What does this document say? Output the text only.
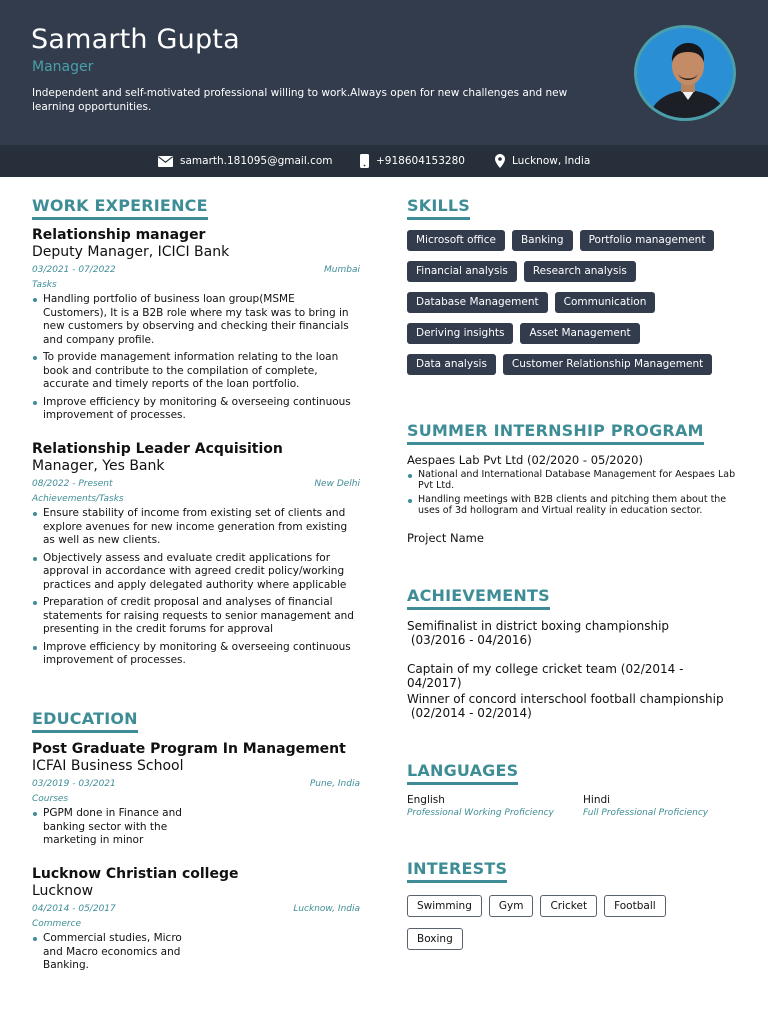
Samarth Gupta
Manager
Independent and self-motivated professional willing to work.Always open for new challenges and new learning opportunities.
samarth.181095@gmail.com	+918604153280	Lucknow, India
WORK EXPERIENCE
Relationship manager
Deputy Manager, ICICI Bank
03/2021 - 07/2022	Mumbai
Tasks
Handling portfolio of business loan group(MSME Customers), It is a B2B role where my task was to bring in new customers by observing and checking their financials and company profile.
To provide management information relating to the loan book and contribute to the compilation of complete, accurate and timely reports of the loan portfolio.
Improve efficiency by monitoring & overseeing continuous improvement of processes.
Relationship Leader Acquisition
Manager, Yes Bank
08/2022 - Present	New Delhi
Achievements/Tasks
Ensure stability of income from existing set of clients and explore avenues for new income generation from existing as well as new clients.
Objectively assess and evaluate credit applications for approval in accordance with agreed credit policy/working practices and apply delegated authority where applicable
Preparation of credit proposal and analyses of financial statements for raising requests to senior management and presenting in the credit forums for approval
Improve efficiency by monitoring & overseeing continuous improvement of processes.
EDUCATION
Post Graduate Program In Management
ICFAI Business School
03/2019 - 03/2021	Pune, India
Courses
PGPM done in Finance and banking sector with the marketing in minor
Lucknow Christian college
Lucknow
04/2014 - 05/2017	Lucknow, India
Commerce
Commercial studies, Micro and Macro economics and Banking.
SKILLS
Microsoft office	Banking	Portfolio management
Financial analysis	Research analysis
Database Management	Communication
Deriving insights	Asset Management
Data analysis	Customer Relationship Management
SUMMER INTERNSHIP PROGRAM
Aespaes Lab Pvt Ltd (02/2020 - 05/2020)
National and International Database Management for Aespaes Lab Pvt Ltd.
Handling meetings with B2B clients and pitching them about the uses of 3d hollogram and Virtual reality in education sector.
Project Name
ACHIEVEMENTS
Semifinalist in district boxing championship
(03/2016 - 04/2016)
Captain of my college cricket team (02/2014 - 04/2017)
Winner of concord interschool football championship
(02/2014 - 02/2014)
LANGUAGES
English
Professional Working Proficiency
Hindi
Full Professional Proficiency
INTERESTS
Swimming	Gym	Cricket	Football
Boxing
